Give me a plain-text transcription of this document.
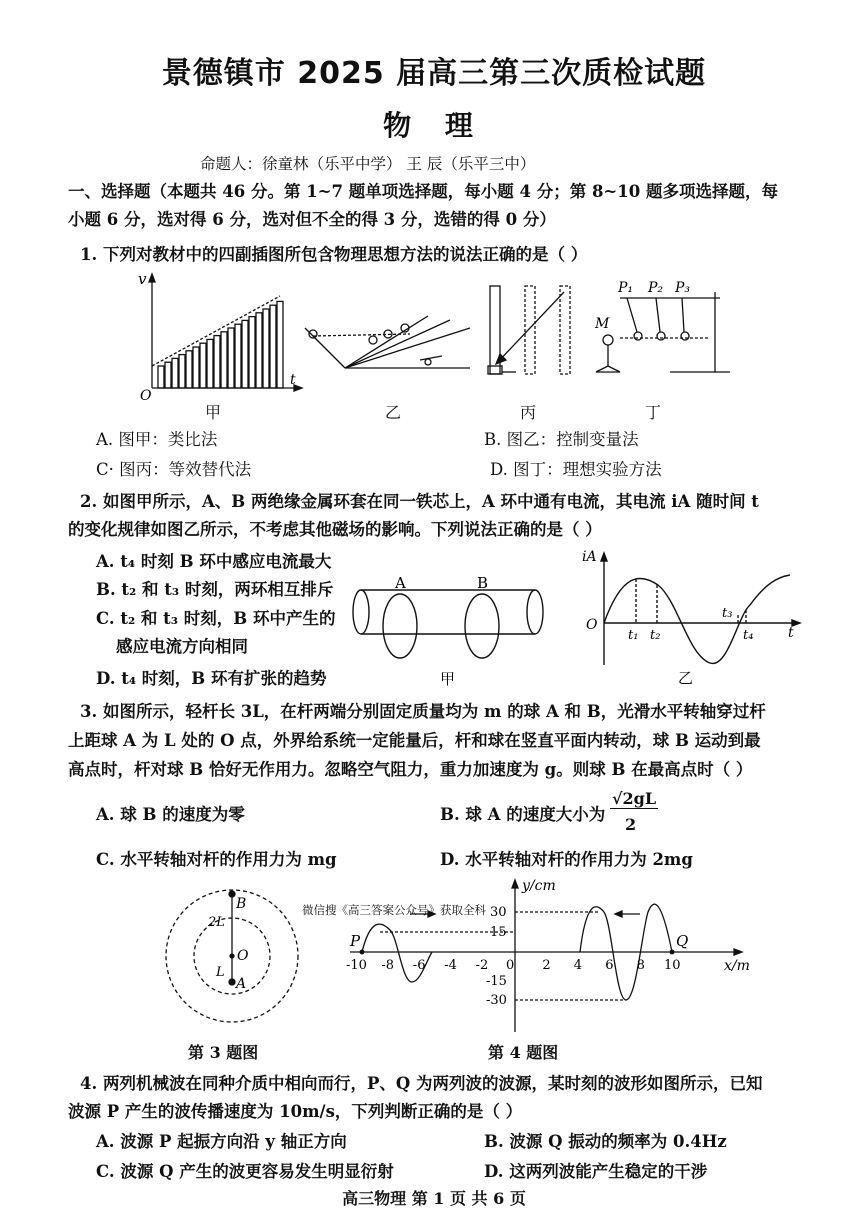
景德镇市 2025 届高三第三次质检试题
物 理
命题人：徐童林（乐平中学） 王 辰（乐平三中）
一、选择题（本题共 46 分。第 1~7 题单项选择题，每小题 4 分；第 8~10 题多项选择题，每
小题 6 分，选对得 6 分，选对但不全的得 3 分，选错的得 0 分）
1. 下列对教材中的四副插图所包含物理思想方法的说法正确的是（ ）
v
O
t
P₁ P₂ P₃
M
甲	乙	丙	丁
A. 图甲：类比法	B. 图乙：控制变量法
C· 图丙：等效替代法	D. 图丁：理想实验方法
2. 如图甲所示，A、B 两绝缘金属环套在同一铁芯上，A 环中通有电流，其电流 iA 随时间 t
的变化规律如图乙所示，不考虑其他磁场的影响。下列说法正确的是（ ）
A. t₄ 时刻 B 环中感应电流最大
B. t₂ 和 t₃ 时刻，两环相互排斥
C. t₂ 和 t₃ 时刻，B 环中产生的
感应电流方向相同
D. t₄ 时刻，B 环有扩张的趋势
A	B
甲
iA
O	t
t₁ t₂
t₃
t₄
乙
3. 如图所示，轻杆长 3L，在杆两端分别固定质量均为 m 的球 A 和 B，光滑水平转轴穿过杆
上距球 A 为 L 处的 O 点，外界给系统一定能量后，杆和球在竖直平面内转动，球 B 运动到最
高点时，杆对球 B 恰好无作用力。忽略空气阻力，重力加速度为 g。则球 B 在最高点时（ ）
A. 球 B 的速度为零	B. 球 A 的速度大小为
√2gL
2
C. 水平转轴对杆的作用力为 mg	D. 水平转轴对杆的作用力为 2mg
B
O
A
2L
L
第 3 题图
y/cm
x/m
P	Q
0
-10 -8 -6 -4 -2	2 4 6 8 10
30
15
-15
-30
微信搜《高三答案公众号》获取全科
第 4 题图
4. 两列机械波在同种介质中相向而行，P、Q 为两列波的波源，某时刻的波形如图所示，已知
波源 P 产生的波传播速度为 10m/s，下列判断正确的是（ ）
A. 波源 P 起振方向沿 y 轴正方向	B. 波源 Q 振动的频率为 0.4Hz
C. 波源 Q 产生的波更容易发生明显衍射	D. 这两列波能产生稳定的干涉
高三物理 第 1 页 共 6 页
